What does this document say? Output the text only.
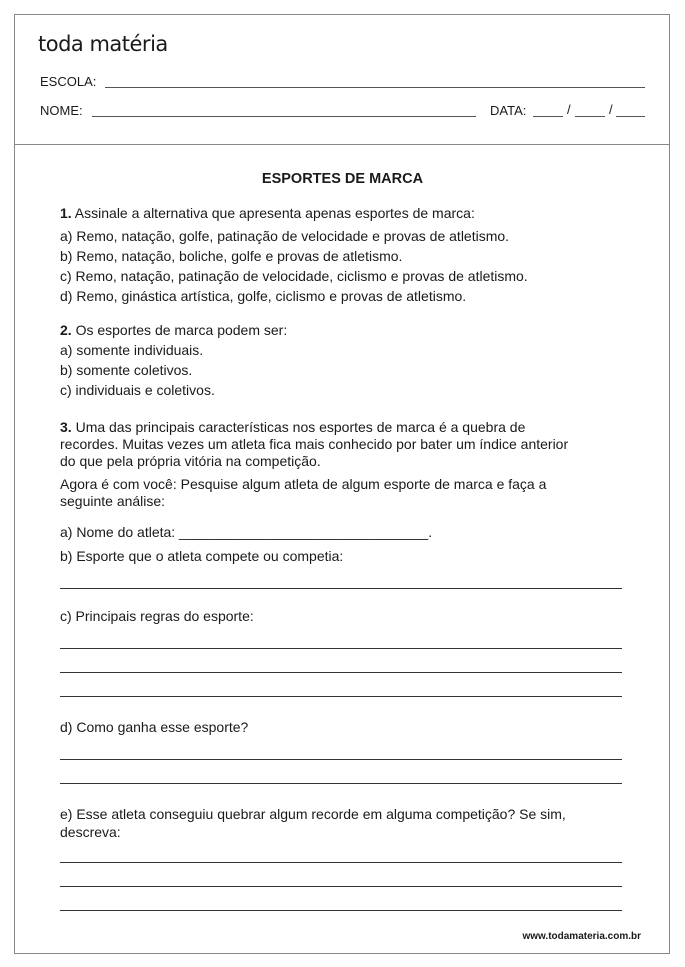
toda matéria
ESCOLA:
NOME:	DATA:	/	/
ESPORTES DE MARCA
1. Assinale a alternativa que apresenta apenas esportes de marca:
a) Remo, natação, golfe, patinação de velocidade e provas de atletismo.
b) Remo, natação, boliche, golfe e provas de atletismo.
c) Remo, natação, patinação de velocidade, ciclismo e provas de atletismo.
d) Remo, ginástica artística, golfe, ciclismo e provas de atletismo.
2. Os esportes de marca podem ser:
a) somente individuais.
b) somente coletivos.
c) individuais e coletivos.
3. Uma das principais características nos esportes de marca é a quebra de
recordes. Muitas vezes um atleta fica mais conhecido por bater um índice anterior
do que pela própria vitória na competição.
Agora é com você: Pesquise algum atleta de algum esporte de marca e faça a
seguinte análise:
a) Nome do atleta: ________________________________.
b) Esporte que o atleta compete ou competia:
c) Principais regras do esporte:
d) Como ganha esse esporte?
e) Esse atleta conseguiu quebrar algum recorde em alguma competição? Se sim,
descreva:
www.todamateria.com.br
